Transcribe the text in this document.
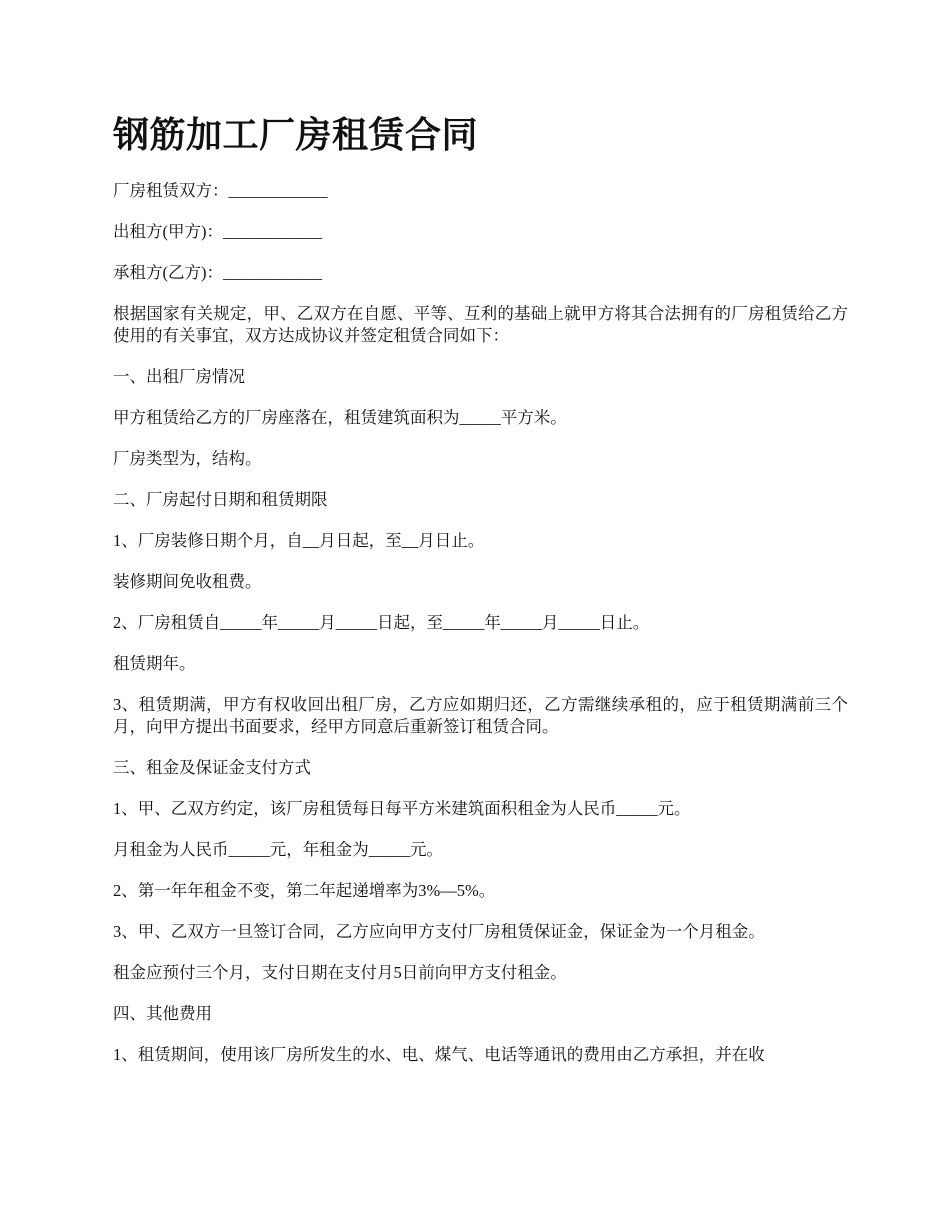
钢筋加工厂房租赁合同

厂房租赁双方：____________

出租方(甲方)：____________

承租方(乙方)：____________

根据国家有关规定，甲、乙双方在自愿、平等、互利的基础上就甲方将其合法拥有的厂房租赁给乙方使用的有关事宜，双方达成协议并签定租赁合同如下：

一、出租厂房情况

甲方租赁给乙方的厂房座落在，租赁建筑面积为_____平方米。

厂房类型为，结构。

二、厂房起付日期和租赁期限

1、厂房装修日期个月，自__月日起，至__月日止。

装修期间免收租费。

2、厂房租赁自_____年_____月_____日起，至_____年_____月_____日止。

租赁期年。

3、租赁期满，甲方有权收回出租厂房，乙方应如期归还，乙方需继续承租的，应于租赁期满前三个月，向甲方提出书面要求，经甲方同意后重新签订租赁合同。

三、租金及保证金支付方式

1、甲、乙双方约定，该厂房租赁每日每平方米建筑面积租金为人民币_____元。

月租金为人民币_____元，年租金为_____元。

2、第一年年租金不变，第二年起递增率为3%—5%。

3、甲、乙双方一旦签订合同，乙方应向甲方支付厂房租赁保证金，保证金为一个月租金。

租金应预付三个月，支付日期在支付月5日前向甲方支付租金。

四、其他费用

1、租赁期间，使用该厂房所发生的水、电、煤气、电话等通讯的费用由乙方承担，并在收
